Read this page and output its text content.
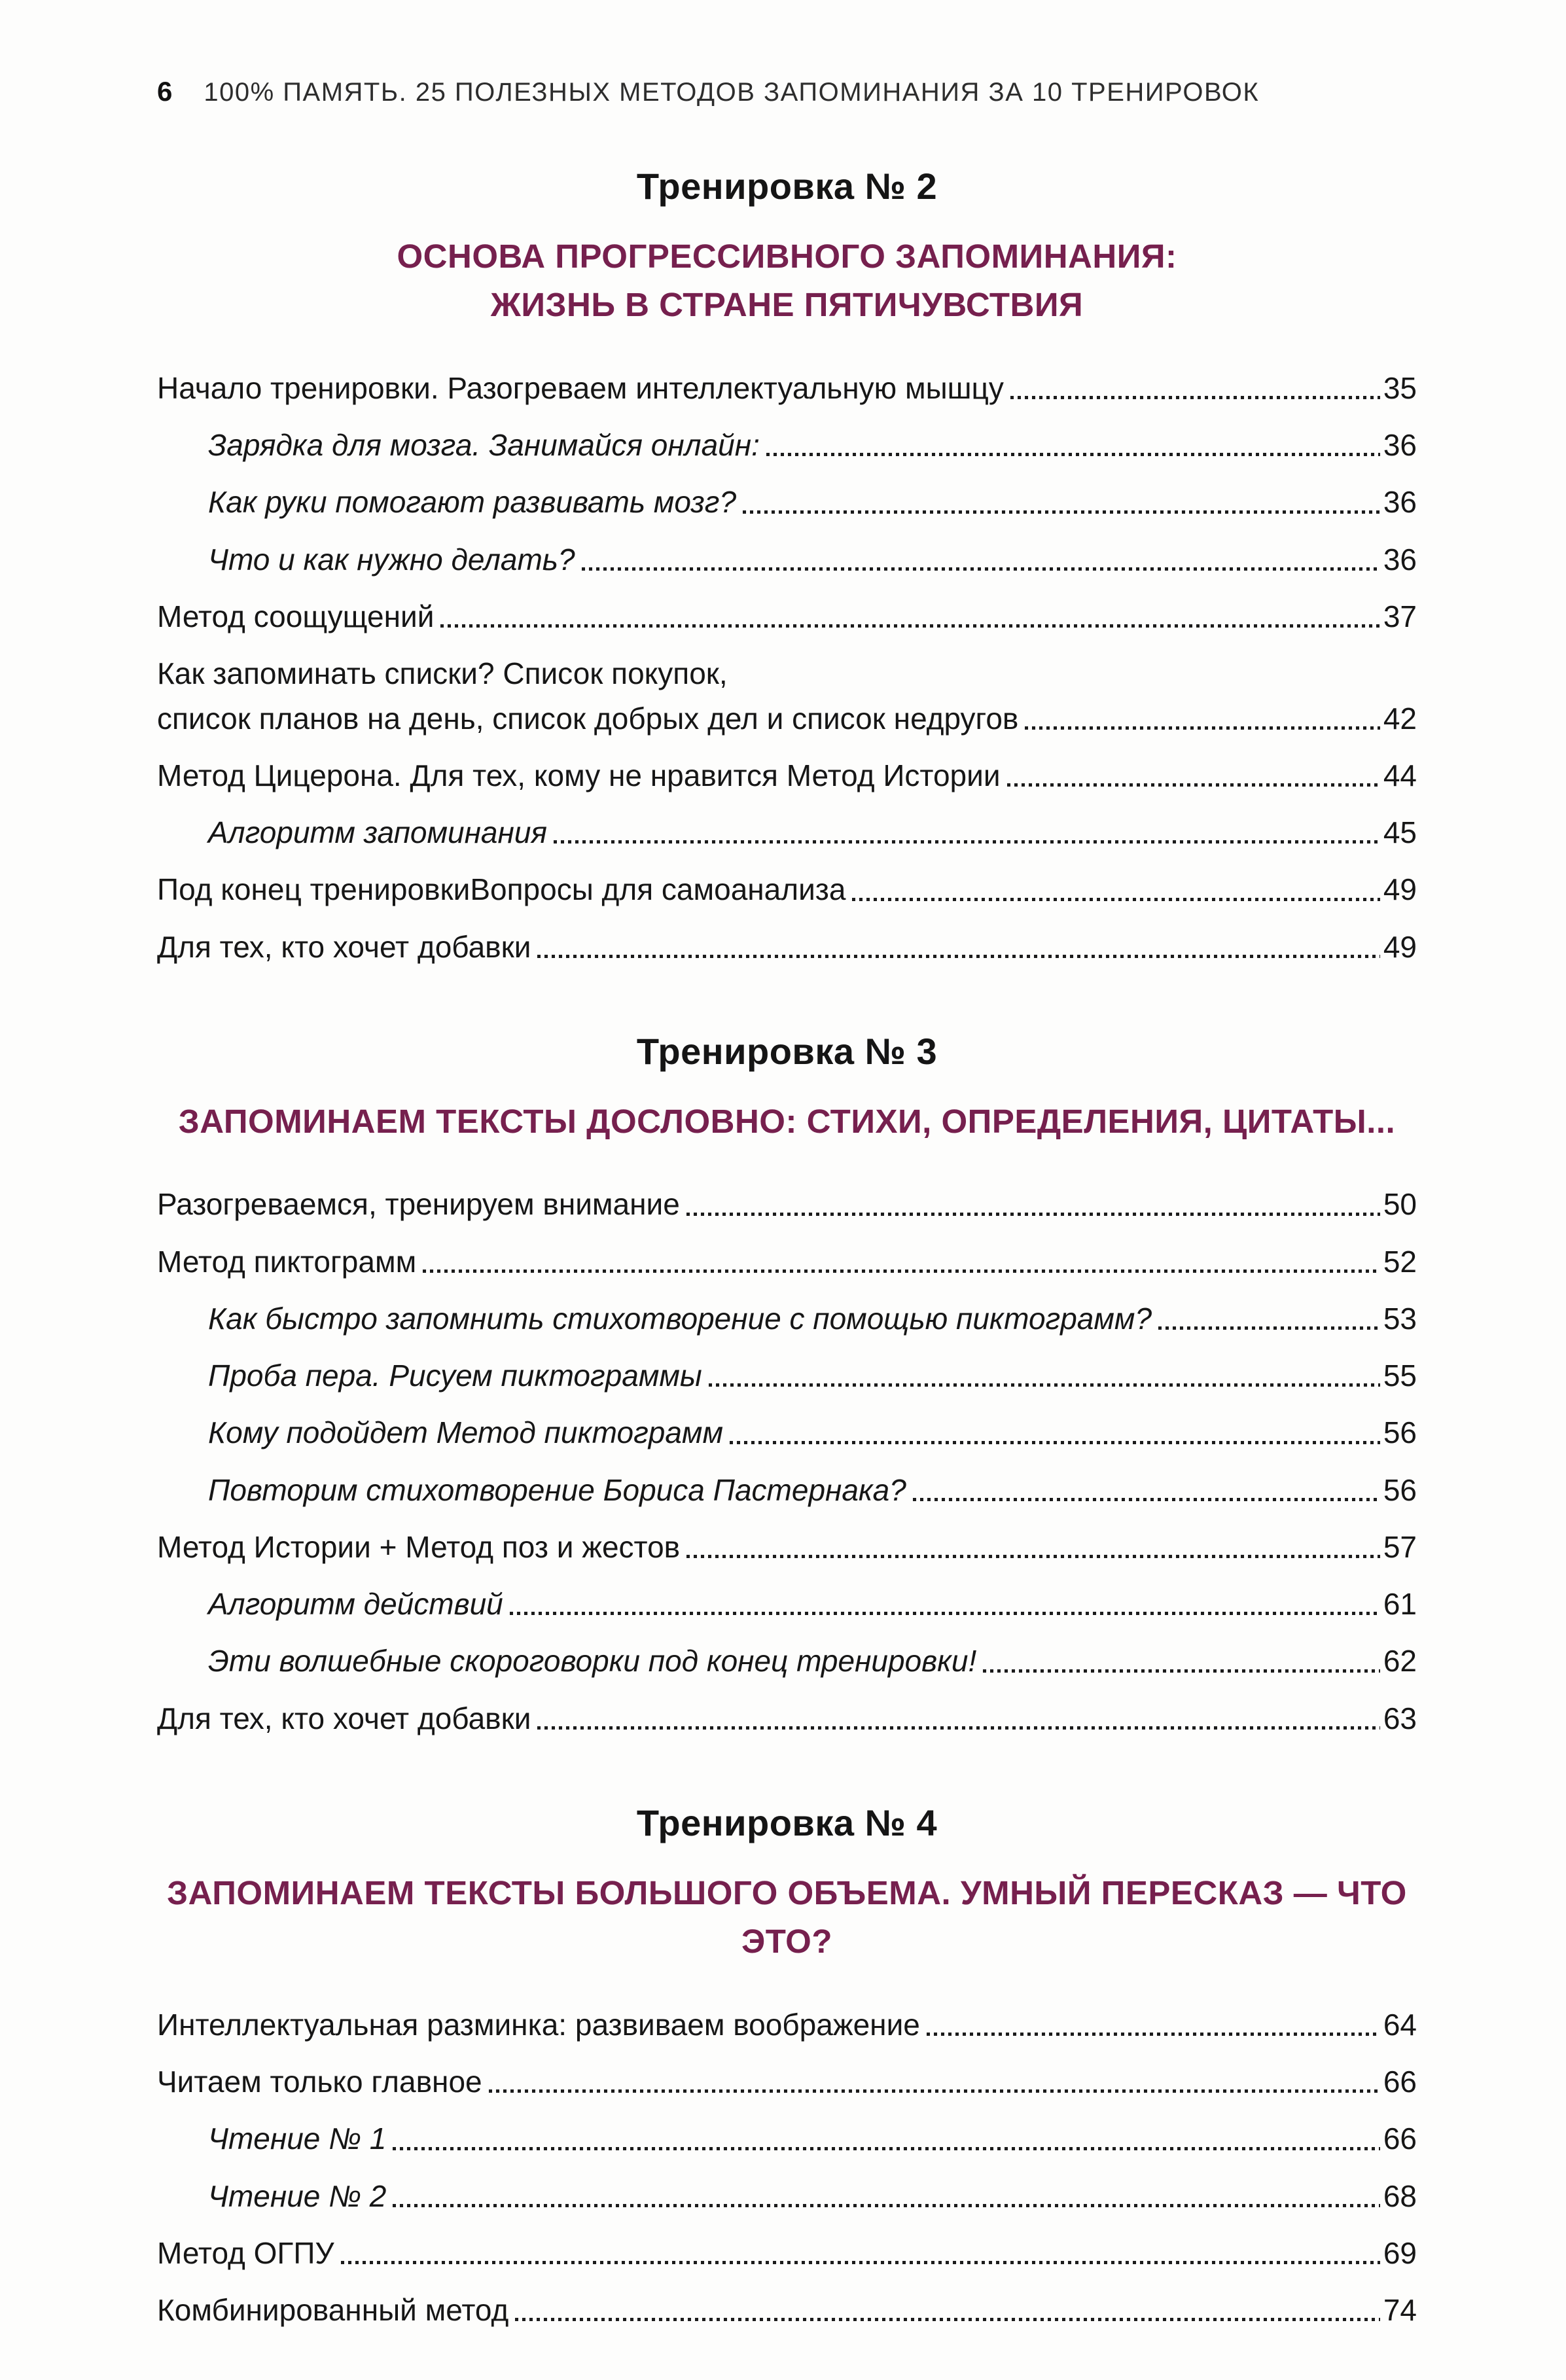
6 100% ПАМЯТЬ. 25 ПОЛЕЗНЫХ МЕТОДОВ ЗАПОМИНАНИЯ ЗА 10 ТРЕНИРОВОК
Тренировка № 2
ОСНОВА ПРОГРЕССИВНОГО ЗАПОМИНАНИЯ:
ЖИЗНЬ В СТРАНЕ ПЯТИЧУВСТВИЯ
Начало тренировки. Разогреваем интеллектуальную мышцу	35
Зарядка для мозга. Занимайся онлайн:	36
Как руки помогают развивать мозг?	36
Что и как нужно делать?	36
Метод соощущений	37
Как запоминать списки? Список покупок,
список планов на день, список добрых дел и список недругов	42
Метод Цицерона. Для тех, кому не нравится Метод Истории	44
Алгоритм запоминания	45
Под конец тренировкиВопросы для самоанализа	49
Для тех, кто хочет добавки	49
Тренировка № 3
ЗАПОМИНАЕМ ТЕКСТЫ ДОСЛОВНО: СТИХИ, ОПРЕДЕЛЕНИЯ, ЦИТАТЫ...
Разогреваемся, тренируем внимание	50
Метод пиктограмм	52
Как быстро запомнить стихотворение с помощью пиктограмм?	53
Проба пера. Рисуем пиктограммы	55
Кому подойдет Метод пиктограмм	56
Повторим стихотворение Бориса Пастернака?	56
Метод Истории + Метод поз и жестов	57
Алгоритм действий	61
Эти волшебные скороговорки под конец тренировки!	62
Для тех, кто хочет добавки	63
Тренировка № 4
ЗАПОМИНАЕМ ТЕКСТЫ БОЛЬШОГО ОБЪЕМА. УМНЫЙ ПЕРЕСКАЗ — ЧТО ЭТО?
Интеллектуальная разминка: развиваем воображение	64
Читаем только главное	66
Чтение № 1	66
Чтение № 2	68
Метод ОГПУ	69
Комбинированный метод	74
